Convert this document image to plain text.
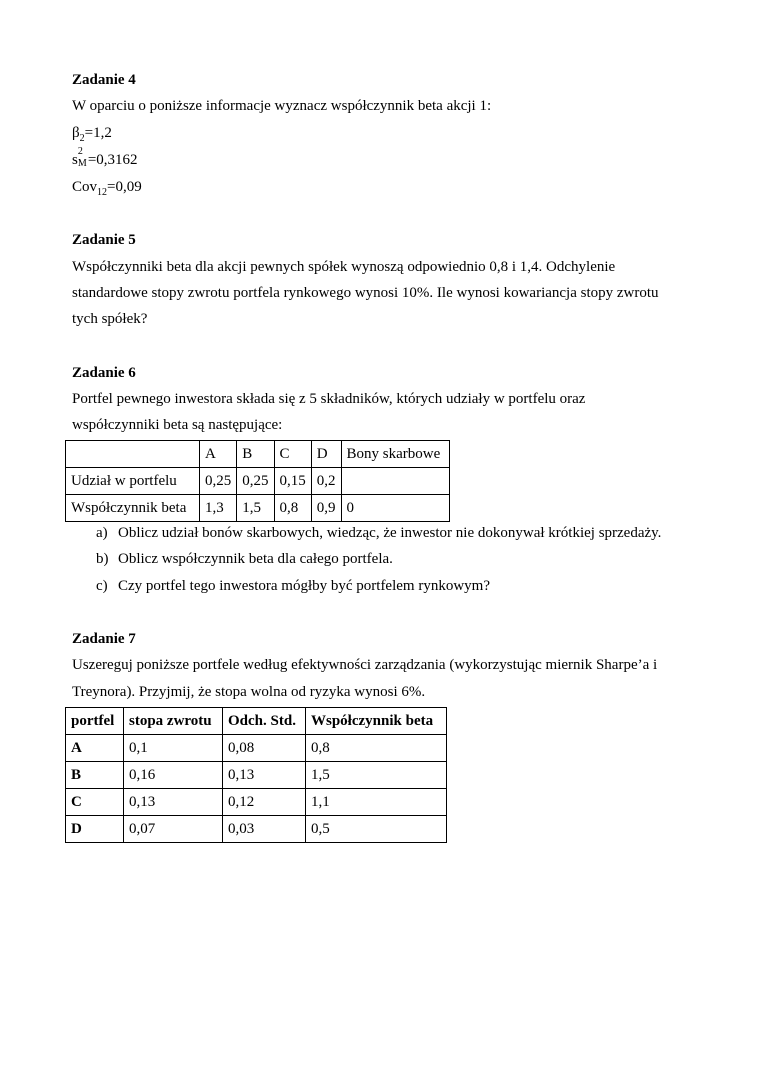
Zadanie 4
W oparciu o poniższe informacje wyznacz współczynnik beta akcji 1:
$\beta_2=1,2$
s
2
M =0,3162
Cov$_{12}$=0,09
Zadanie 5
Współczynniki beta dla akcji pewnych spółek wynoszą odpowiednio 0,8 i 1,4. Odchylenie
standardowe stopy zwrotu portfela rynkowego wynosi 10%. Ile wynosi kowariancja stopy zwrotu
tych spółek?
Zadanie 6
Portfel pewnego inwestora składa się z 5 składników, których udziały w portfelu oraz
współczynniki beta są następujące:
	A	B	C	D	Bony skarbowe
Udział w portfelu	0,25	0,25	0,15	0,2	
Współczynnik beta	1,3	1,5	0,8	0,9	0
a) Oblicz udział bonów skarbowych, wiedząc, że inwestor nie dokonywał krótkiej sprzedaży.
b) Oblicz współczynnik beta dla całego portfela.
c) Czy portfel tego inwestora mógłby być portfelem rynkowym?
Zadanie 7
Uszereguj poniższe portfele według efektywności zarządzania (wykorzystując miernik Sharpe’a i
Treynora). Przyjmij, że stopa wolna od ryzyka wynosi 6%.
portfel	stopa zwrotu	Odch. Std.	Współczynnik beta
A	0,1	0,08	0,8
B	0,16	0,13	1,5
C	0,13	0,12	1,1
D	0,07	0,03	0,5
